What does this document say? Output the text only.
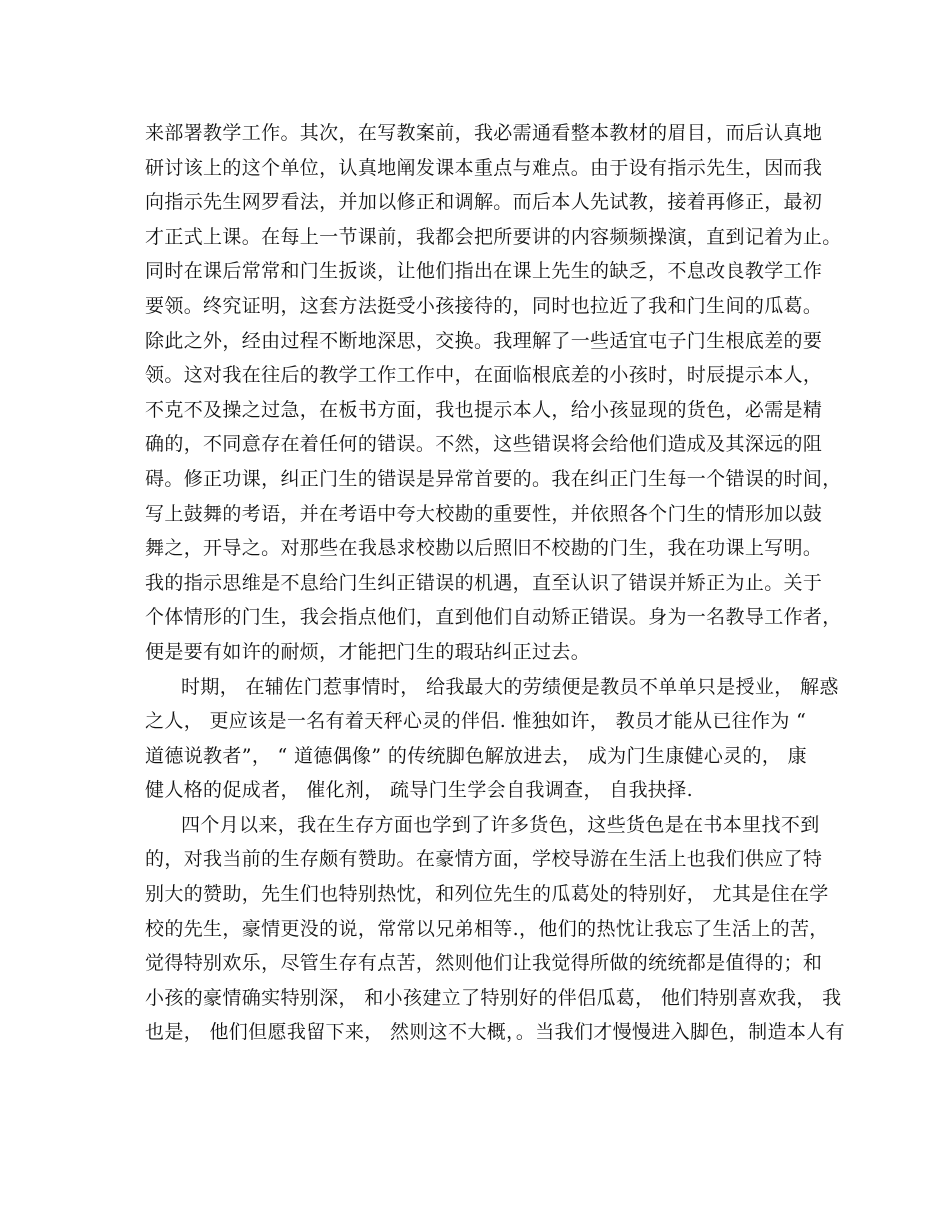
来部署教学工作。其次，在写教案前，我必需通看整本教材的眉目，而后认真地
研讨该上的这个单位，认真地阐发课本重点与难点。由于设有指示先生，因而我
向指示先生网罗看法，并加以修正和调解。而后本人先试教，接着再修正，最初
才正式上课。在每上一节课前，我都会把所要讲的内容频频操演，直到记着为止。
同时在课后常常和门生扳谈，让他们指出在课上先生的缺乏，不息改良教学工作
要领。终究证明，这套方法挺受小孩接待的，同时也拉近了我和门生间的瓜葛。
除此之外，经由过程不断地深思，交换。我理解了一些适宜屯子门生根底差的要
领。这对我在往后的教学工作工作中，在面临根底差的小孩时，时辰提示本人，
不克不及操之过急，在板书方面，我也提示本人，给小孩显现的货色，必需是精
确的，不同意存在着任何的错误。不然，这些错误将会给他们造成及其深远的阻
碍。修正功课，纠正门生的错误是异常首要的。我在纠正门生每一个错误的时间，
写上鼓舞的考语，并在考语中夸大校勘的重要性，并依照各个门生的情形加以鼓
舞之，开导之。对那些在我恳求校勘以后照旧不校勘的门生，我在功课上写明。
我的指示思维是不息给门生纠正错误的机遇，直至认识了错误并矫正为止。关于
个体情形的门生，我会指点他们，直到他们自动矫正错误。身为一名教导工作者，
便是要有如许的耐烦，才能把门生的瑕玷纠正过去。
时期， 在辅佐门惹事情时， 给我最大的劳绩便是教员不单单只是授业， 解惑
之人， 更应该是一名有着天秤心灵的伴侣. 惟独如许， 教员才能从已往作为 “
道德说教者”， “ 道德偶像” 的传统脚色解放进去， 成为门生康健心灵的， 康
健人格的促成者， 催化剂， 疏导门生学会自我调查， 自我抉择.
四个月以来，我在生存方面也学到了许多货色，这些货色是在书本里找不到
的，对我当前的生存颇有赞助。在豪情方面，学校导游在生活上也我们供应了特
别大的赞助，先生们也特别热忱，和列位先生的瓜葛处的特别好， 尤其是住在学
校的先生，豪情更没的说，常常以兄弟相等.，他们的热忱让我忘了生活上的苦，
觉得特别欢乐，尽管生存有点苦，然则他们让我觉得所做的统统都是值得的；和
小孩的豪情确实特别深， 和小孩建立了特别好的伴侣瓜葛， 他们特别喜欢我， 我
也是， 他们但愿我留下来， 然则这不大概，。当我们才慢慢进入脚色，制造本人有
